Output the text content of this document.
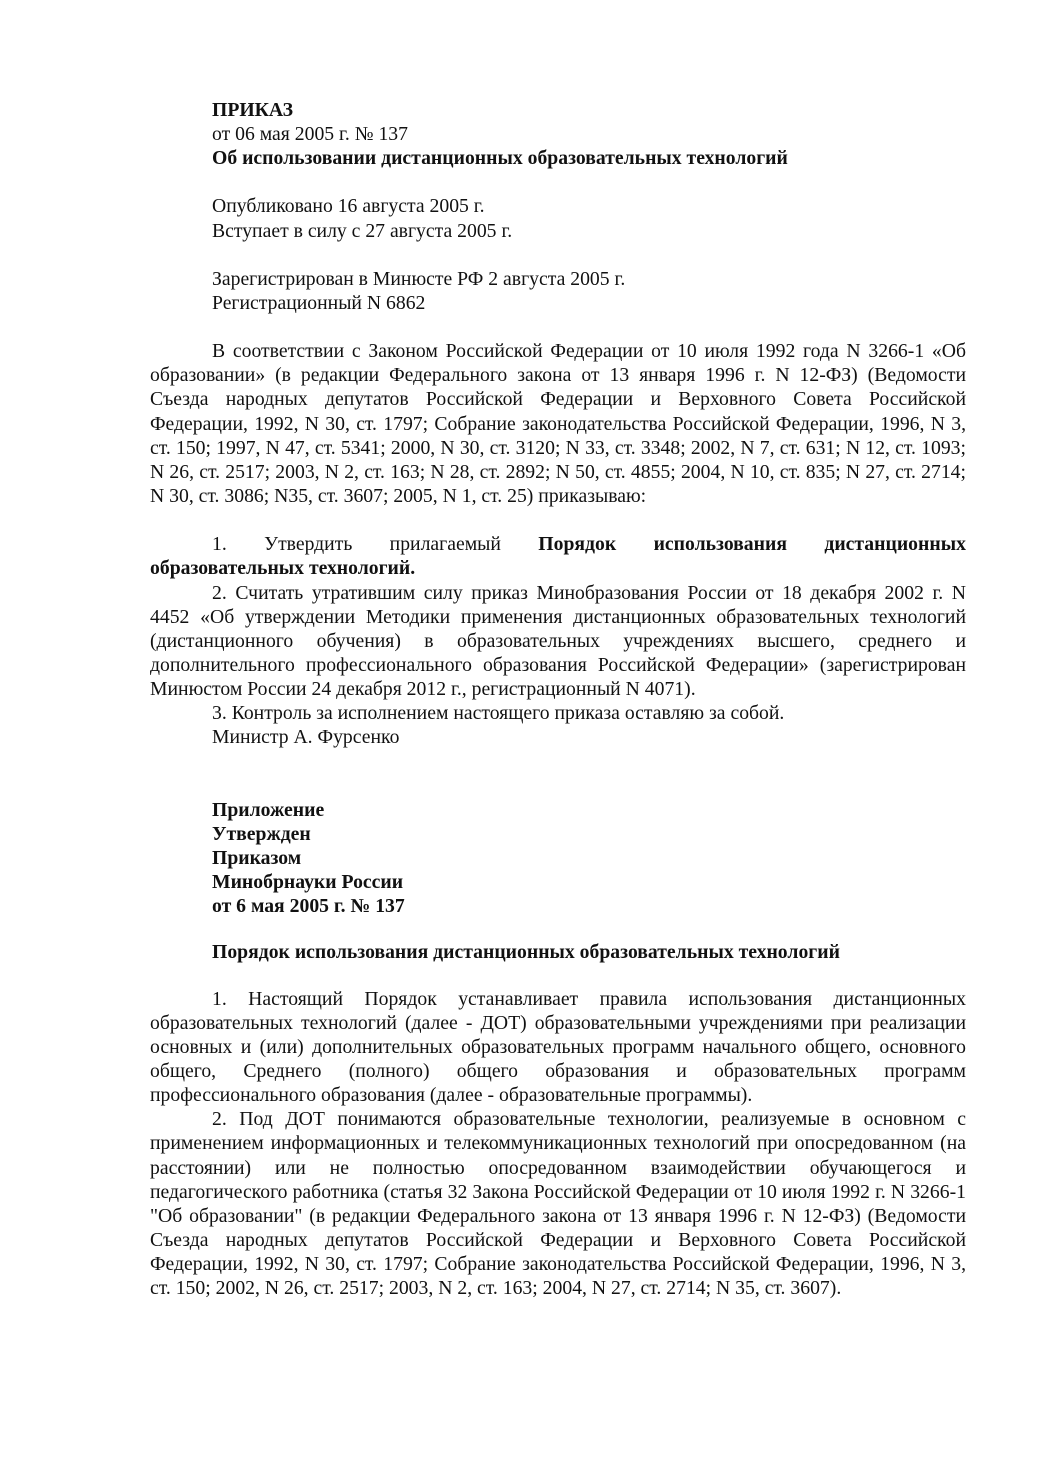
ПРИКАЗ
от 06 мая 2005 г. № 137
Об использовании дистанционных образовательных технологий
Опубликовано 16 августа 2005 г.
Вступает в силу с 27 августа 2005 г.
Зарегистрирован в Минюсте РФ 2 августа 2005 г.
Регистрационный N 6862

В соответствии с Законом Российской Федерации от 10 июля 1992 года N 3266-1 «Об образовании» (в редакции Федерального закона от 13 января 1996 г. N 12-ФЗ) (Ведомости Съезда народных депутатов Российской Федерации и Верховного Совета Российской Федерации, 1992, N 30, ст. 1797; Собрание законодательства Российской Федерации, 1996, N 3, ст. 150; 1997, N 47, ст. 5341; 2000, N 30, ст. 3120; N 33, ст. 3348; 2002, N 7, ст. 631; N 12, ст. 1093; N 26, ст. 2517; 2003, N 2, ст. 163; N 28, ст. 2892; N 50, ст. 4855; 2004, N 10, ст. 835; N 27, ст. 2714; N 30, ст. 3086; N35, ст. 3607; 2005, N 1, ст. 25) приказываю:

1. Утвердить прилагаемый Порядок использования дистанционных
образовательных технологий.

2. Считать утратившим силу приказ Минобразования России от 18 декабря 2002 г. N 4452 «Об утверждении Методики применения дистанционных образовательных технологий (дистанционного обучения) в образовательных учреждениях высшего, среднего и дополнительного профессионального образования Российской Федерации» (зарегистрирован Минюстом России 24 декабря 2012 г., регистрационный N 4071).

3. Контроль за исполнением настоящего приказа оставляю за собой.
Министр А. Фурсенко
Приложение
Утвержден
Приказом
Минобрнауки России
от 6 мая 2005 г. № 137
Порядок использования дистанционных образовательных технологий

1. Настоящий Порядок устанавливает правила использования дистанционных образовательных технологий (далее - ДОТ) образовательными учреждениями при реализации основных и (или) дополнительных образовательных программ начального общего, основного общего, Среднего (полного) общего образования и образовательных программ профессионального образования (далее - образовательные программы).

2. Под ДОТ понимаются образовательные технологии, реализуемые в основном с применением информационных и телекоммуникационных технологий при опосредованном (на расстоянии) или не полностью опосредованном взаимодействии обучающегося и педагогического работника (статья 32 Закона Российской Федерации от 10 июля 1992 г. N 3266-1 "Об образовании" (в редакции Федерального закона от 13 января 1996 г. N 12-ФЗ) (Ведомости Съезда народных депутатов Российской Федерации и Верховного Совета Российской Федерации, 1992, N 30, ст. 1797; Собрание законодательства Российской Федерации, 1996, N 3, ст. 150; 2002, N 26, ст. 2517; 2003, N 2, ст. 163; 2004, N 27, ст. 2714; N 35, ст. 3607).
